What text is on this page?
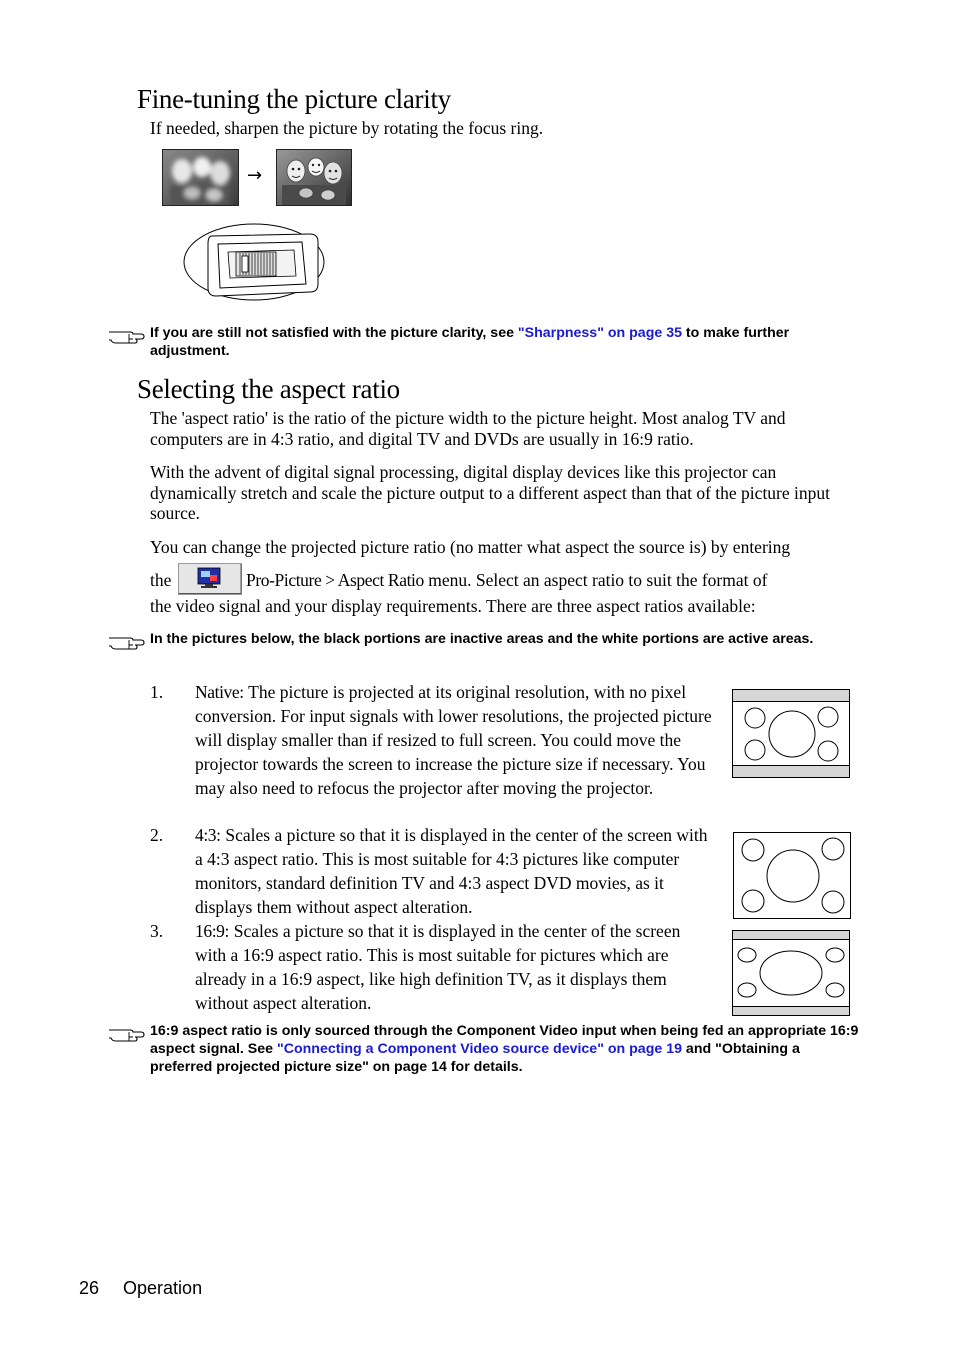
Fine-tuning the picture clarity

If needed, sharpen the picture by rotating the focus ring.

→
If you are still not satisfied with the picture clarity, see "Sharpness" on page 35 to make further adjustment.
Selecting the aspect ratio

The 'aspect ratio' is the ratio of the picture width to the picture height. Most analog TV and computers are in 4:3 ratio, and digital TV and DVDs are usually in 16:9 ratio.

With the advent of digital signal processing, digital display devices like this projector can dynamically stretch and scale the picture output to a different aspect than that of the picture input source.

You can change the projected picture ratio (no matter what aspect the source is) by entering

the	Pro-Picture > Aspect Ratio menu. Select an aspect ratio to suit the format of

the video signal and your display requirements. There are three aspect ratios available:

In the pictures below, the black portions are inactive areas and the white portions are active areas.
1. Native: The picture is projected at its original resolution, with no pixel conversion. For input signals with lower resolutions, the projected picture will display smaller than if resized to full screen. You could move the projector towards the screen to increase the picture size if necessary. You may also need to refocus the projector after moving the projector.

2. 4:3: Scales a picture so that it is displayed in the center of the screen with a 4:3 aspect ratio. This is most suitable for 4:3 pictures like computer monitors, standard definition TV and 4:3 aspect DVD movies, as it displays them without aspect alteration.

3. 16:9: Scales a picture so that it is displayed in the center of the screen with a 16:9 aspect ratio. This is most suitable for pictures which are already in a 16:9 aspect, like high definition TV, as it displays them without aspect alteration.

16:9 aspect ratio is only sourced through the Component Video input when being fed an appropriate 16:9 aspect signal. See "Connecting a Component Video source device" on page 19 and "Obtaining a preferred projected picture size" on page 14 for details.
26 Operation
